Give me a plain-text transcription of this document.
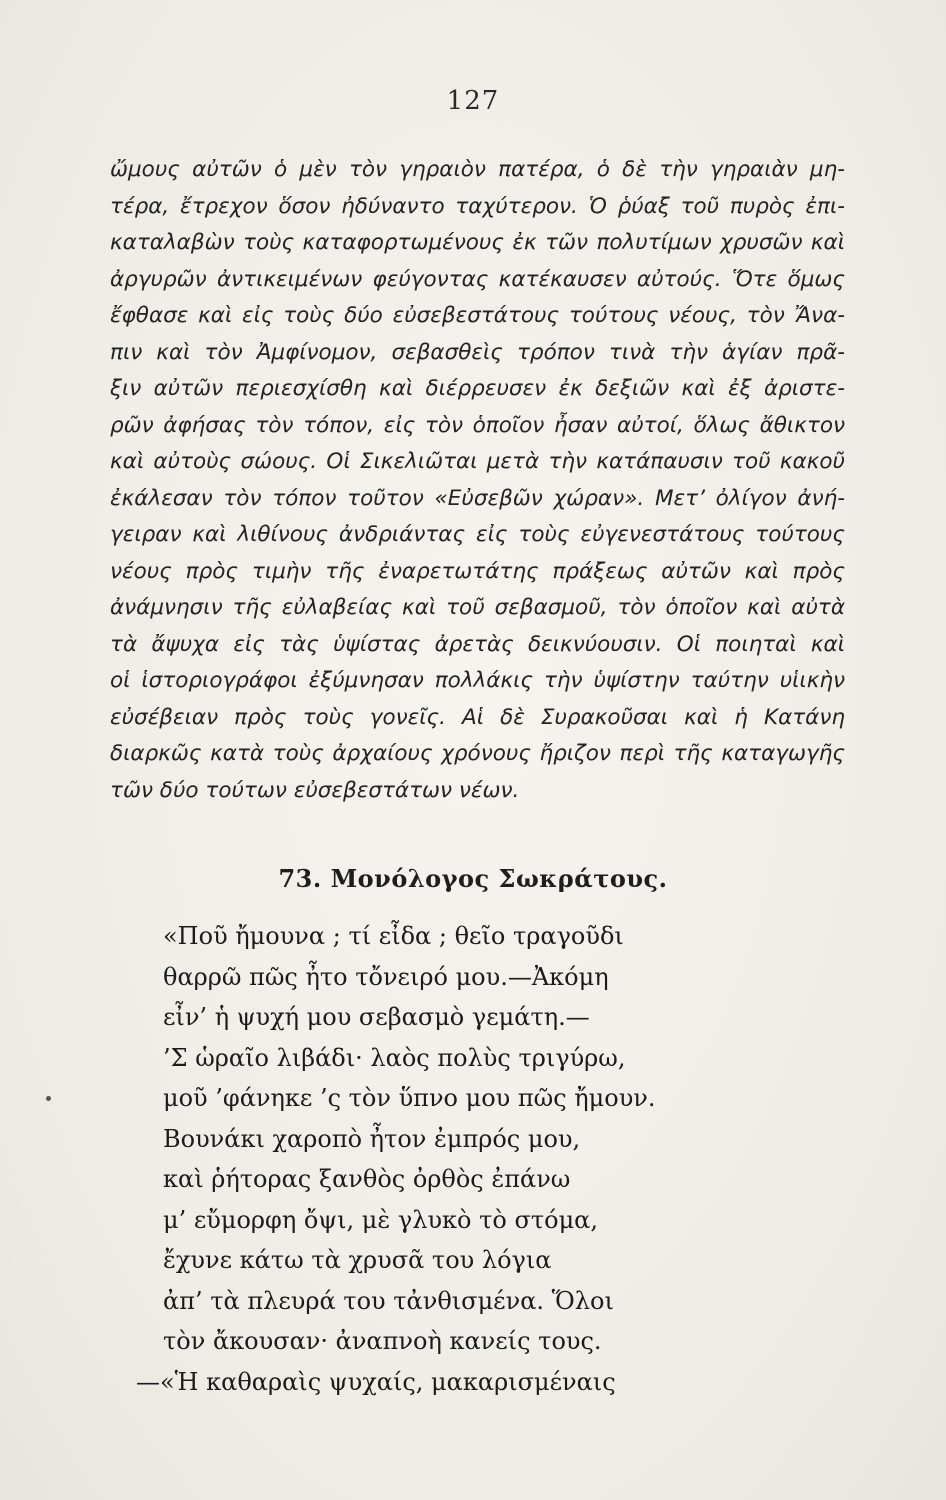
127
ὤμους αὐτῶν ὁ μὲν τὸν γηραιὸν πατέρα, ὁ δὲ τὴν γηραιὰν μη-
τέρα, ἔτρεχον ὅσον ἠδύναντο ταχύτερον. Ὁ ῥύαξ τοῦ πυρὸς ἐπι-
καταλαβὼν τοὺς καταφορτωμένους ἐκ τῶν πολυτίμων χρυσῶν καὶ
ἀργυρῶν ἀντικειμένων φεύγοντας κατέκαυσεν αὐτούς. Ὅτε ὅμως
ἔφθασε καὶ εἰς τοὺς δύο εὐσεβεστάτους τούτους νέους, τὸν Ἄνα-
πιν καὶ τὸν Ἀμφίνομον, σεβασθεὶς τρόπον τινὰ τὴν ἁγίαν πρᾶ-
ξιν αὐτῶν περιεσχίσθη καὶ διέρρευσεν ἐκ δεξιῶν καὶ ἐξ ἀριστε-
ρῶν ἀφήσας τὸν τόπον, εἰς τὸν ὁποῖον ἦσαν αὐτοί, ὅλως ἄθικτον
καὶ αὐτοὺς σώους. Οἱ Σικελιῶται μετὰ τὴν κατάπαυσιν τοῦ κακοῦ
ἐκάλεσαν τὸν τόπον τοῦτον «Εὐσεβῶν χώραν». Μετ’ ὀλίγον ἀνή-
γειραν καὶ λιθίνους ἀνδριάντας εἰς τοὺς εὐγενεστάτους τούτους
νέους πρὸς τιμὴν τῆς ἐναρετωτάτης πράξεως αὐτῶν καὶ πρὸς
ἀνάμνησιν τῆς εὐλαβείας καὶ τοῦ σεβασμοῦ, τὸν ὁποῖον καὶ αὐτὰ
τὰ ἄψυχα εἰς τὰς ὑψίστας ἀρετὰς δεικνύουσιν. Οἱ ποιηταὶ καὶ
οἱ ἱστοριογράφοι ἐξύμνησαν πολλάκις τὴν ὑψίστην ταύτην υἱικὴν
εὐσέβειαν πρὸς τοὺς γονεῖς. Αἱ δὲ Συρακοῦσαι καὶ ἡ Κατάνη
διαρκῶς κατὰ τοὺς ἀρχαίους χρόνους ἤριζον περὶ τῆς καταγωγῆς
τῶν δύο τούτων εὐσεβεστάτων νέων.
73. Μονόλογος Σωκράτους.
«Ποῦ ἤμουνα ; τί εἶδα ; θεῖο τραγοῦδι
θαρρῶ πῶς ἦτο τὄνειρό μου.—Ἀκόμη
εἶν’ ἡ ψυχή μου σεβασμὸ γεμάτη.—
’Σ ὡραῖο λιβάδι· λαὸς πολὺς τριγύρω,
μοῦ ’φάνηκε ’ς τὸν ὕπνο μου πῶς ἤμουν.
Βουνάκι χαροπὸ ἦτον ἐμπρός μου,
καὶ ῥήτορας ξανθὸς ὀρθὸς ἐπάνω
μ’ εὔμορφη ὄψι, μὲ γλυκὸ τὸ στόμα,
ἔχυνε κάτω τὰ χρυσᾶ του λόγια
ἀπ’ τὰ πλευρά του τἀνθισμένα. Ὅλοι
τὸν ἄκουσαν· ἀναπνοὴ κανείς τους.
—«Ἡ καθαραὶς ψυχαίς, μακαρισμέναις
